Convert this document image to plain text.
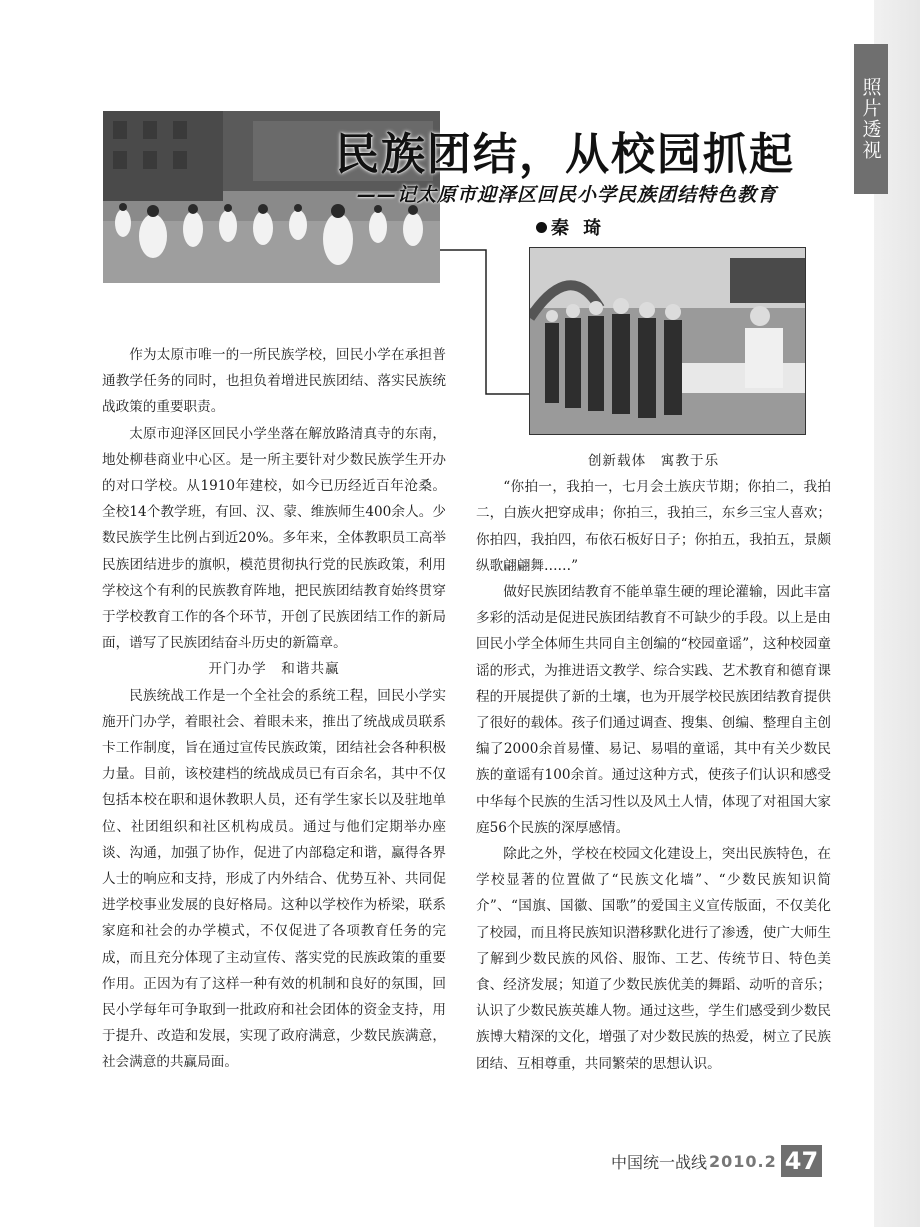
照片透视
民族团结，从校园抓起
——记太原市迎泽区回民小学民族团结特色教育
秦 琦

作为太原市唯一的一所民族学校，回民小学在承担普通教学任务的同时，也担负着增进民族团结、落实民族统战政策的重要职责。

太原市迎泽区回民小学坐落在解放路清真寺的东南，地处柳巷商业中心区。是一所主要针对少数民族学生开办的对口学校。从1910年建校，如今已历经近百年沧桑。全校14个教学班，有回、汉、蒙、维族师生400余人。少数民族学生比例占到近20%。多年来，全体教职员工高举民族团结进步的旗帜，模范贯彻执行党的民族政策，利用学校这个有利的民族教育阵地，把民族团结教育始终贯穿于学校教育工作的各个环节，开创了民族团结工作的新局面，谱写了民族团结奋斗历史的新篇章。

开门办学　和谐共赢

民族统战工作是一个全社会的系统工程，回民小学实施开门办学，着眼社会、着眼未来，推出了统战成员联系卡工作制度，旨在通过宣传民族政策，团结社会各种积极力量。目前，该校建档的统战成员已有百余名，其中不仅包括本校在职和退休教职人员，还有学生家长以及驻地单位、社团组织和社区机构成员。通过与他们定期举办座谈、沟通，加强了协作，促进了内部稳定和谐，赢得各界人士的响应和支持，形成了内外结合、优势互补、共同促进学校事业发展的良好格局。这种以学校作为桥梁，联系家庭和社会的办学模式，不仅促进了各项教育任务的完成，而且充分体现了主动宣传、落实党的民族政策的重要作用。正因为有了这样一种有效的机制和良好的氛围，回民小学每年可争取到一批政府和社会团体的资金支持，用于提升、改造和发展，实现了政府满意，少数民族满意，社会满意的共赢局面。

创新载体　寓教于乐

“你拍一，我拍一，七月会土族庆节期；你拍二，我拍二，白族火把穿成串；你拍三，我拍三，东乡三宝人喜欢；你拍四，我拍四，布依石板好日子；你拍五，我拍五，景颇纵歌翩翩舞……”

做好民族团结教育不能单靠生硬的理论灌输，因此丰富多彩的活动是促进民族团结教育不可缺少的手段。以上是由回民小学全体师生共同自主创编的“校园童谣”，这种校园童谣的形式，为推进语文教学、综合实践、艺术教育和德育课程的开展提供了新的土壤，也为开展学校民族团结教育提供了很好的载体。孩子们通过调查、搜集、创编、整理自主创编了2000余首易懂、易记、易唱的童谣，其中有关少数民族的童谣有100余首。通过这种方式，使孩子们认识和感受中华每个民族的生活习性以及风土人情，体现了对祖国大家庭56个民族的深厚感情。

除此之外，学校在校园文化建设上，突出民族特色，在学校显著的位置做了“民族文化墙”、“少数民族知识简介”、“国旗、国徽、国歌”的爱国主义宣传版面，不仅美化了校园，而且将民族知识潜移默化进行了渗透，使广大师生了解到少数民族的风俗、服饰、工艺、传统节日、特色美食、经济发展；知道了少数民族优美的舞蹈、动听的音乐；认识了少数民族英雄人物。通过这些，学生们感受到少数民族博大精深的文化，增强了对少数民族的热爱，树立了民族团结、互相尊重，共同繁荣的思想认识。

中国统一战线 2010.2 47
